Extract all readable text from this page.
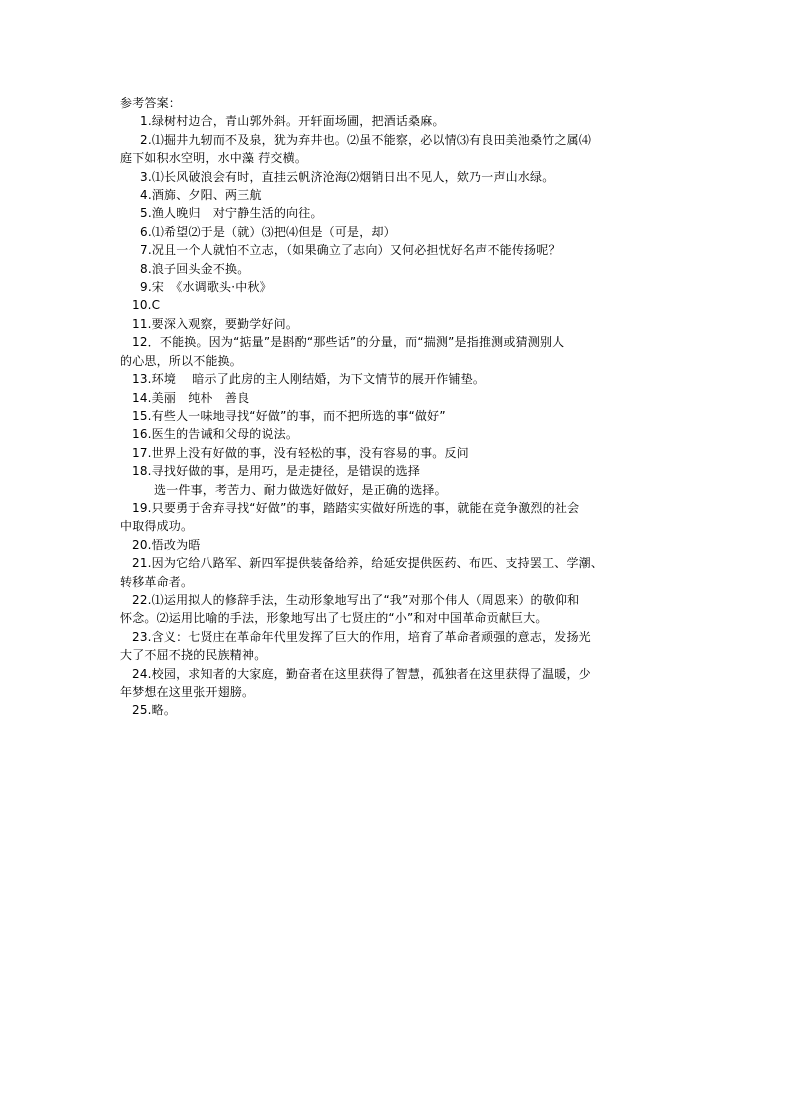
参考答案：
1.绿树村边合，青山郭外斜。开轩面场圃，把酒话桑麻。
2.⑴掘井九轫而不及泉，犹为弃井也。⑵虽不能察，必以情⑶有良田美池桑竹之属⑷
庭下如积水空明，水中藻 荇交横。
3.⑴长风破浪会有时，直挂云帆济沧海⑵烟销日出不见人，欸乃一声山水绿。
4.酒旆、夕阳、两三航
5.渔人晚归　对宁静生活的向往。
6.⑴希望⑵于是（就）⑶把⑷但是（可是，却）
7.况且一个人就怕不立志，（如果确立了志向）又何必担忧好名声不能传扬呢？
8.浪子回头金不换。
9.宋　《水调歌头·中秋》
10.C
11.要深入观察，要勤学好问。
12．不能换。因为“掂量”是斟酌“那些话”的分量，而“揣测”是指推测或猜测别人
的心思，所以不能换。
13.环境　 暗示了此房的主人刚结婚，为下文情节的展开作铺垫。
14.美丽　纯朴　善良
15.有些人一味地寻找“好做”的事，而不把所选的事“做好”
16.医生的告诫和父母的说法。
17.世界上没有好做的事，没有轻松的事，没有容易的事。反问
18.寻找好做的事，是用巧，是走捷径，是错误的选择
选一件事，考苦力、耐力做选好做好，是正确的选择。
19.只要勇于舍弃寻找“好做”的事，踏踏实实做好所选的事，就能在竞争激烈的社会
中取得成功。
20.悟改为晤
21.因为它给八路军、新四军提供装备给养，给延安提供医药、布匹、支持罢工、学潮、
转移革命者。
22.⑴运用拟人的修辞手法，生动形象地写出了“我”对那个伟人（周恩来）的敬仰和
怀念。⑵运用比喻的手法，形象地写出了七贤庄的“小”和对中国革命贡献巨大。
23.含义：七贤庄在革命年代里发挥了巨大的作用，培育了革命者顽强的意志，发扬光
大了不屈不挠的民族精神。
24.校园，求知者的大家庭，勤奋者在这里获得了智慧，孤独者在这里获得了温暖，少
年梦想在这里张开翅膀。
25.略。
